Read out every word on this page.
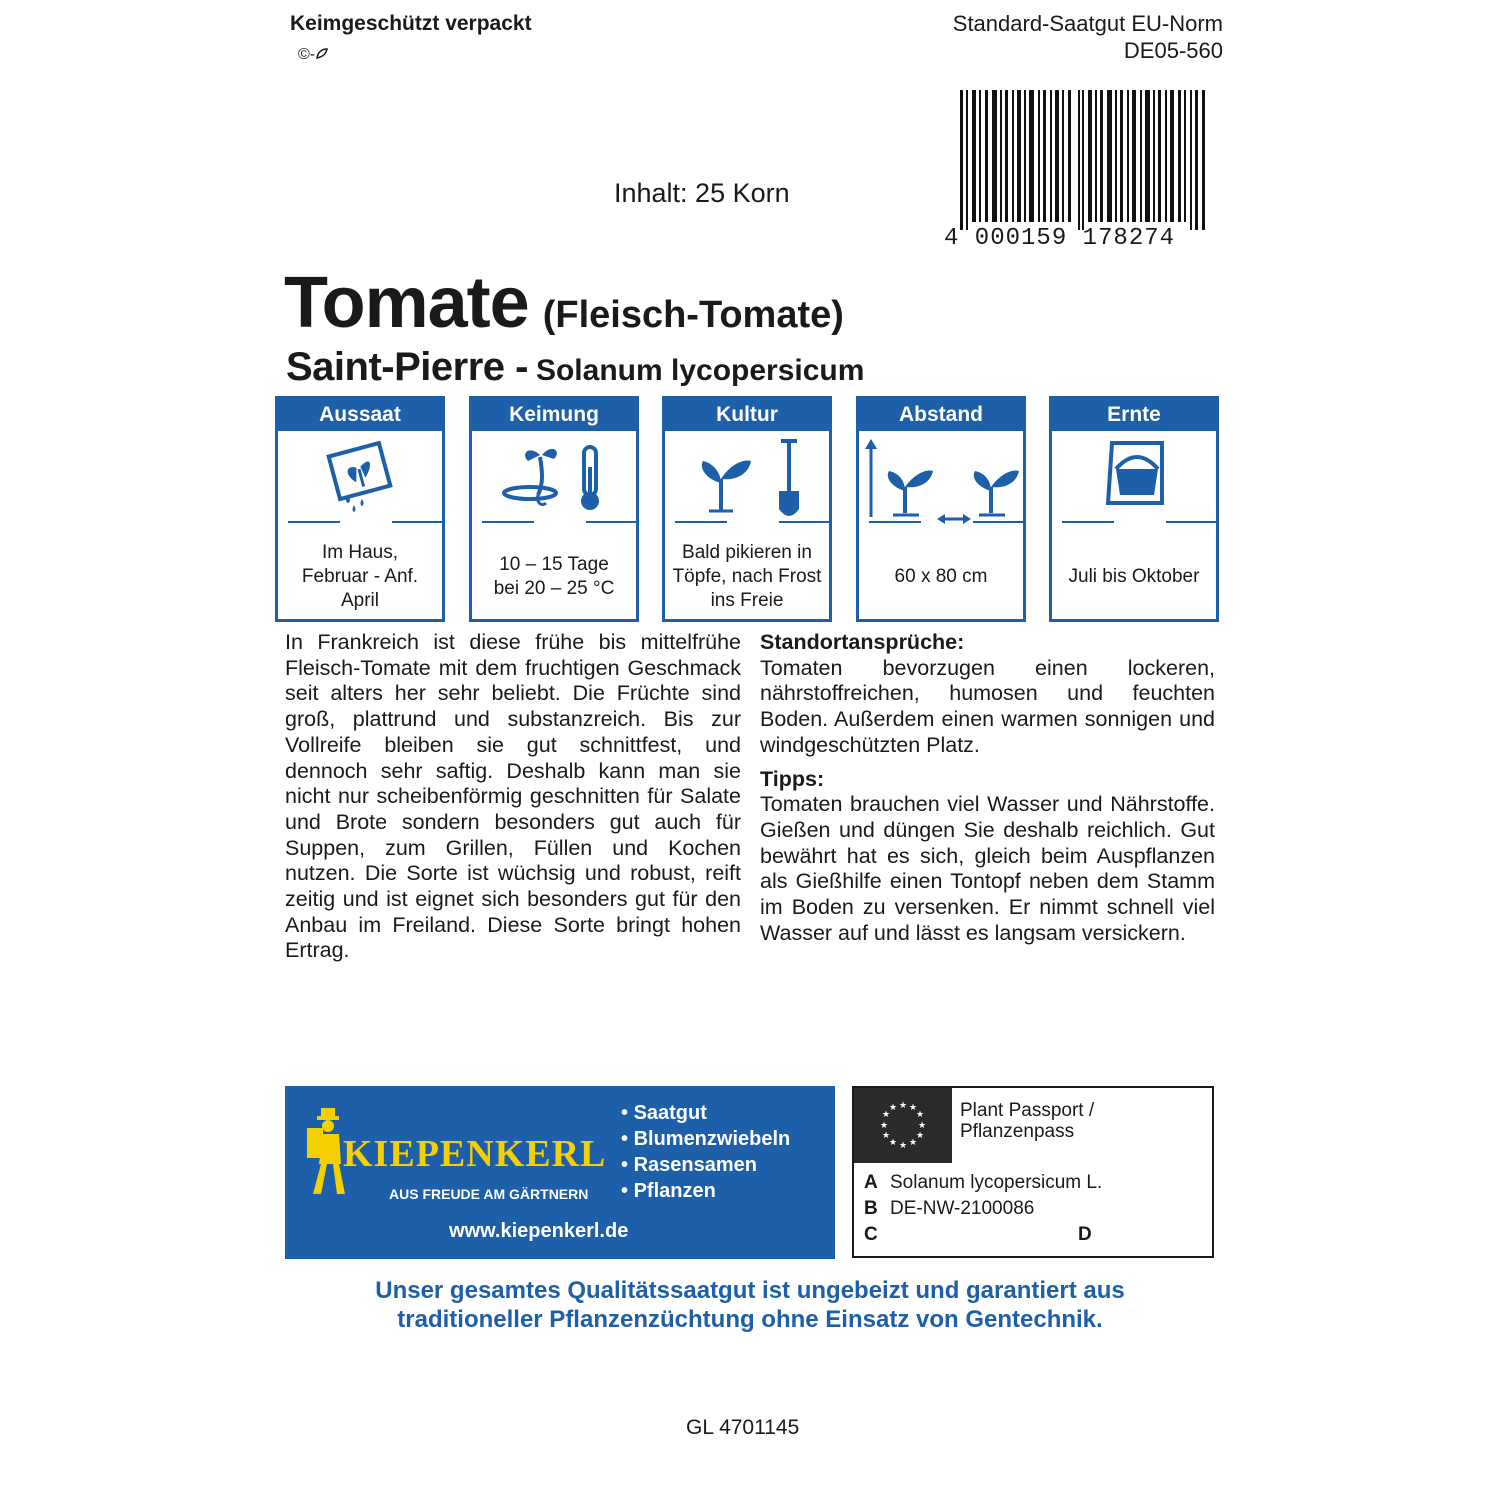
Keimgeschützt verpackt
©-
Standard-Saatgut EU-Norm
DE05-560
4 000159 178274
Inhalt: 25 Korn
Tomate (Fleisch-Tomate)
Saint-Pierre - Solanum lycopersicum
Aussaat
Im Haus,
Februar - Anf.
April
Keimung
10 – 15 Tage
bei 20 – 25 °C
Kultur
Bald pikieren in
Töpfe, nach Frost
ins Freie
Abstand
60 x 80 cm
Ernte
Juli bis Oktober
In Frankreich ist diese frühe bis mittelfrühe Fleisch-Tomate mit dem fruchtigen Geschmack seit alters her sehr beliebt. Die Früchte sind groß, plattrund und substanzreich. Bis zur Vollreife bleiben sie gut schnittfest, und dennoch sehr saftig. Deshalb kann man sie nicht nur scheibenförmig geschnitten für Salate und Brote sondern besonders gut auch für Suppen, zum Grillen, Füllen und Kochen nutzen. Die Sorte ist wüchsig und robust, reift zeitig und ist eignet sich besonders gut für den Anbau im Freiland. Diese Sorte bringt hohen Ertrag.
Standortansprüche:

Tomaten bevorzugen einen lockeren, nährstoffreichen, humosen und feuchten Boden. Außerdem einen warmen sonnigen und windgeschützten Platz.

Tipps:

Tomaten brauchen viel Wasser und Nährstoffe. Gießen und düngen Sie deshalb reichlich. Gut bewährt hat es sich, gleich beim Auspflanzen als Gießhilfe einen Tontopf neben dem Stamm im Boden zu versenken. Er nimmt schnell viel Wasser auf und lässt es langsam versickern.

KIEPENKERL
AUS FREUDE AM GÄRTNERN
www.kiepenkerl.de
• Saatgut
• Blumenzwiebeln
• Rasensamen
• Pflanzen
★ ★
★
★
★
★
★
★
★
★
★
★	Plant Passport /
Pflanzenpass
A Solanum lycopersicum L.
B DE-NW-2100086
C	D
Unser gesamtes Qualitätssaatgut ist ungebeizt und garantiert aus
traditioneller Pflanzenzüchtung ohne Einsatz von Gentechnik.
GL 4701145
